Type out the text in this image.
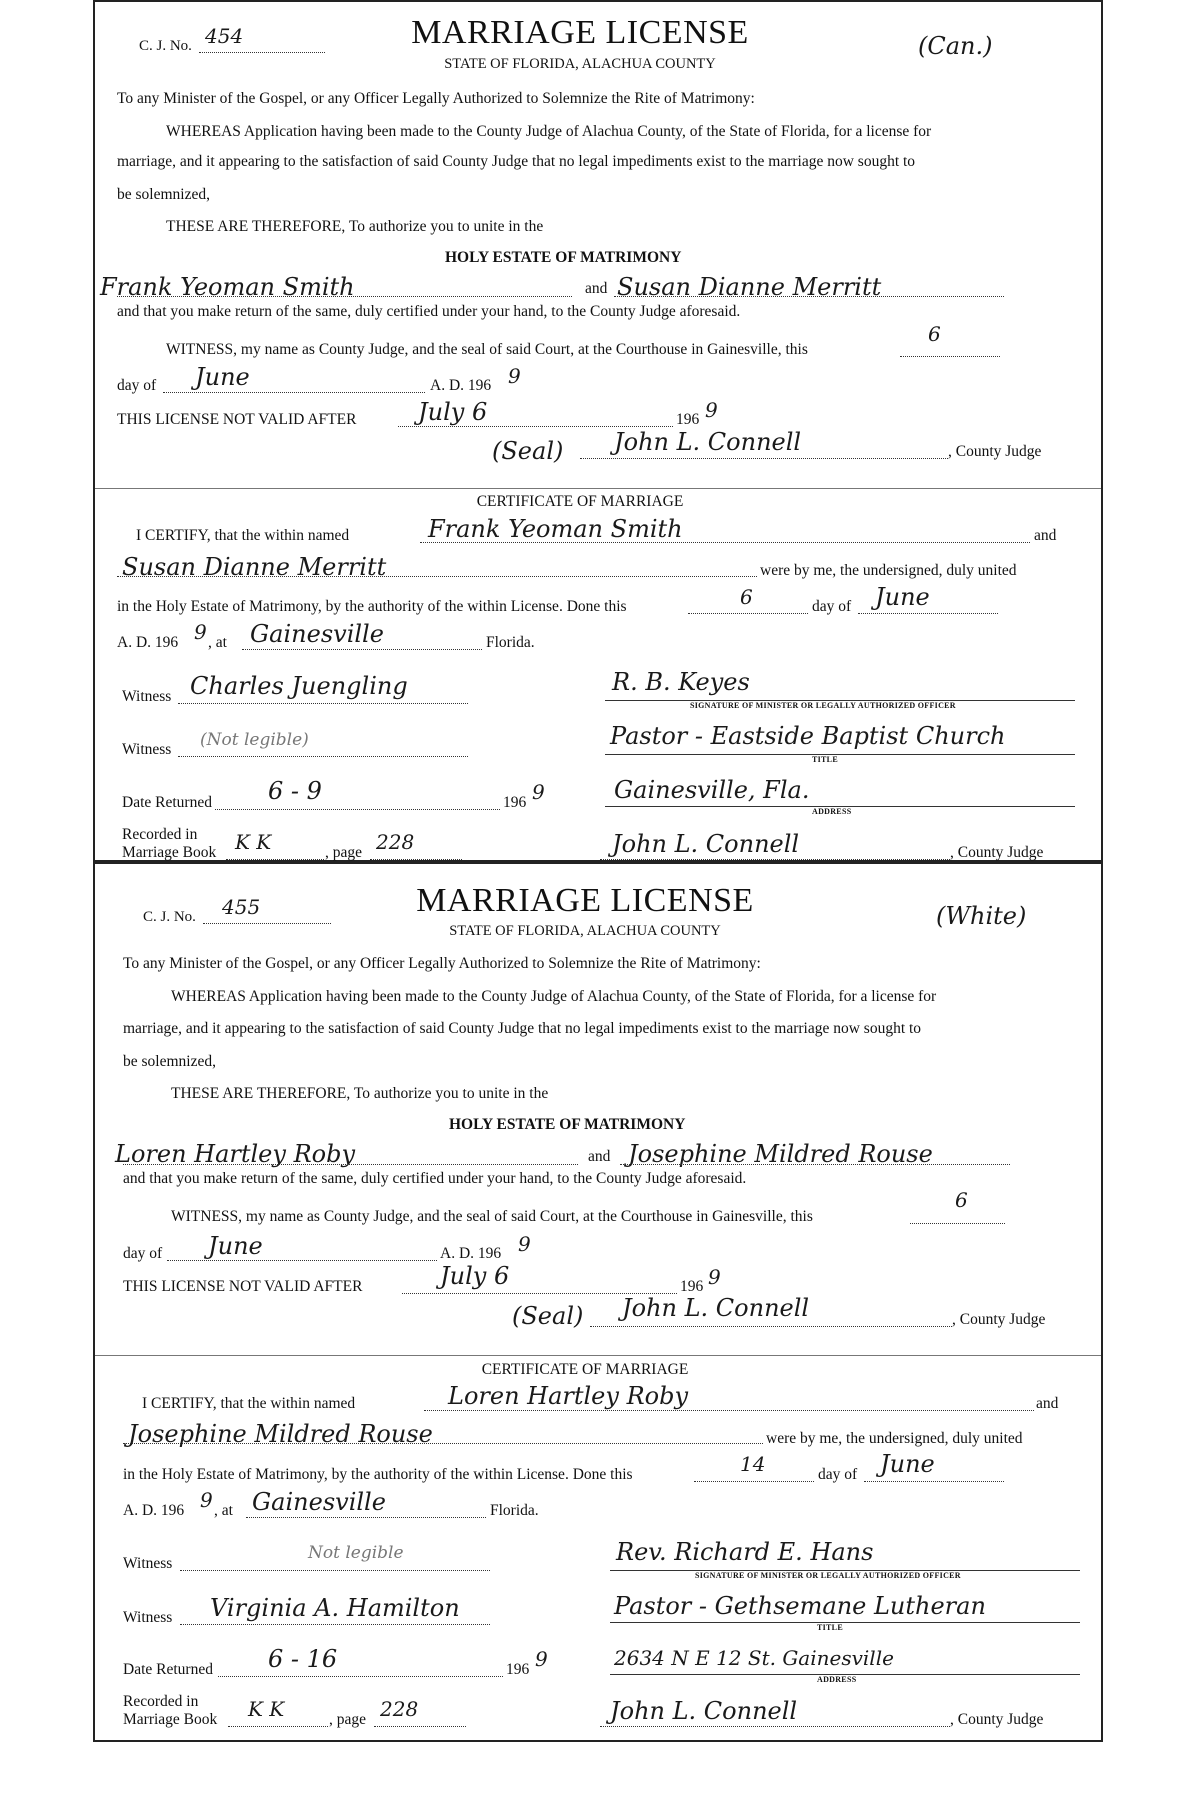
C. J. No. 454	MARRIAGE LICENSE
STATE OF FLORIDA, ALACHUA COUNTY
(Can.)
To any Minister of the Gospel, or any Officer Legally Authorized to Solemnize the Rite of Matrimony:
WHEREAS Application having been made to the County Judge of Alachua County, of the State of Florida, for a license for
marriage, and it appearing to the satisfaction of said County Judge that no legal impediments exist to the marriage now sought to
be solemnized,
THESE ARE THEREFORE, To authorize you to unite in the
HOLY ESTATE OF MATRIMONY
Frank Yeoman Smith	and Susan Dianne Merritt
and that you make return of the same, duly certified under your hand, to the County Judge aforesaid.
WITNESS, my name as County Judge, and the seal of said Court, at the Courthouse in Gainesville, this
6
day of June	A. D. 196 9
THIS LICENSE NOT VALID AFTER	July 6	196 9
(Seal) John L. Connell	, County Judge
CERTIFICATE OF MARRIAGE
I CERTIFY, that the within named	Frank Yeoman Smith	and
Susan Dianne Merritt	were by me, the undersigned, duly united
in the Holy Estate of Matrimony, by the authority of the within License. Done this	6	day of June
A. D. 196 9 , at Gainesville	Florida.
Witness Charles Juengling	R. B. Keyes
SIGNATURE OF MINISTER OR LEGALLY AUTHORIZED OFFICER
Witness (Not legible)	Pastor - Eastside Baptist Church
TITLE
Date Returned 6 - 9	196 9	Gainesville, Fla.
ADDRESS
Recorded in
Marriage Book K K	, page 228	John L. Connell	, County Judge
C. J. No. 455	MARRIAGE LICENSE
STATE OF FLORIDA, ALACHUA COUNTY
(White)
To any Minister of the Gospel, or any Officer Legally Authorized to Solemnize the Rite of Matrimony:
WHEREAS Application having been made to the County Judge of Alachua County, of the State of Florida, for a license for
marriage, and it appearing to the satisfaction of said County Judge that no legal impediments exist to the marriage now sought to
be solemnized,
THESE ARE THEREFORE, To authorize you to unite in the
HOLY ESTATE OF MATRIMONY
Loren Hartley Roby	and Josephine Mildred Rouse
and that you make return of the same, duly certified under your hand, to the County Judge aforesaid.
WITNESS, my name as County Judge, and the seal of said Court, at the Courthouse in Gainesville, this
6
day of June	A. D. 196 9
THIS LICENSE NOT VALID AFTER	July 6	196 9
(Seal) John L. Connell	, County Judge
CERTIFICATE OF MARRIAGE
I CERTIFY, that the within named	Loren Hartley Roby	and
Josephine Mildred Rouse	were by me, the undersigned, duly united
in the Holy Estate of Matrimony, by the authority of the within License. Done this	14	day of June
A. D. 196 9 , at Gainesville	Florida.
Witness
Not legible	Rev. Richard E. Hans
SIGNATURE OF MINISTER OR LEGALLY AUTHORIZED OFFICER
Witness Virginia A. Hamilton	Pastor - Gethsemane Lutheran
TITLE
Date Returned 6 - 16	196 9	2634 N E 12 St. Gainesville
ADDRESS
Recorded in
Marriage Book K K	, page 228	John L. Connell	, County Judge
